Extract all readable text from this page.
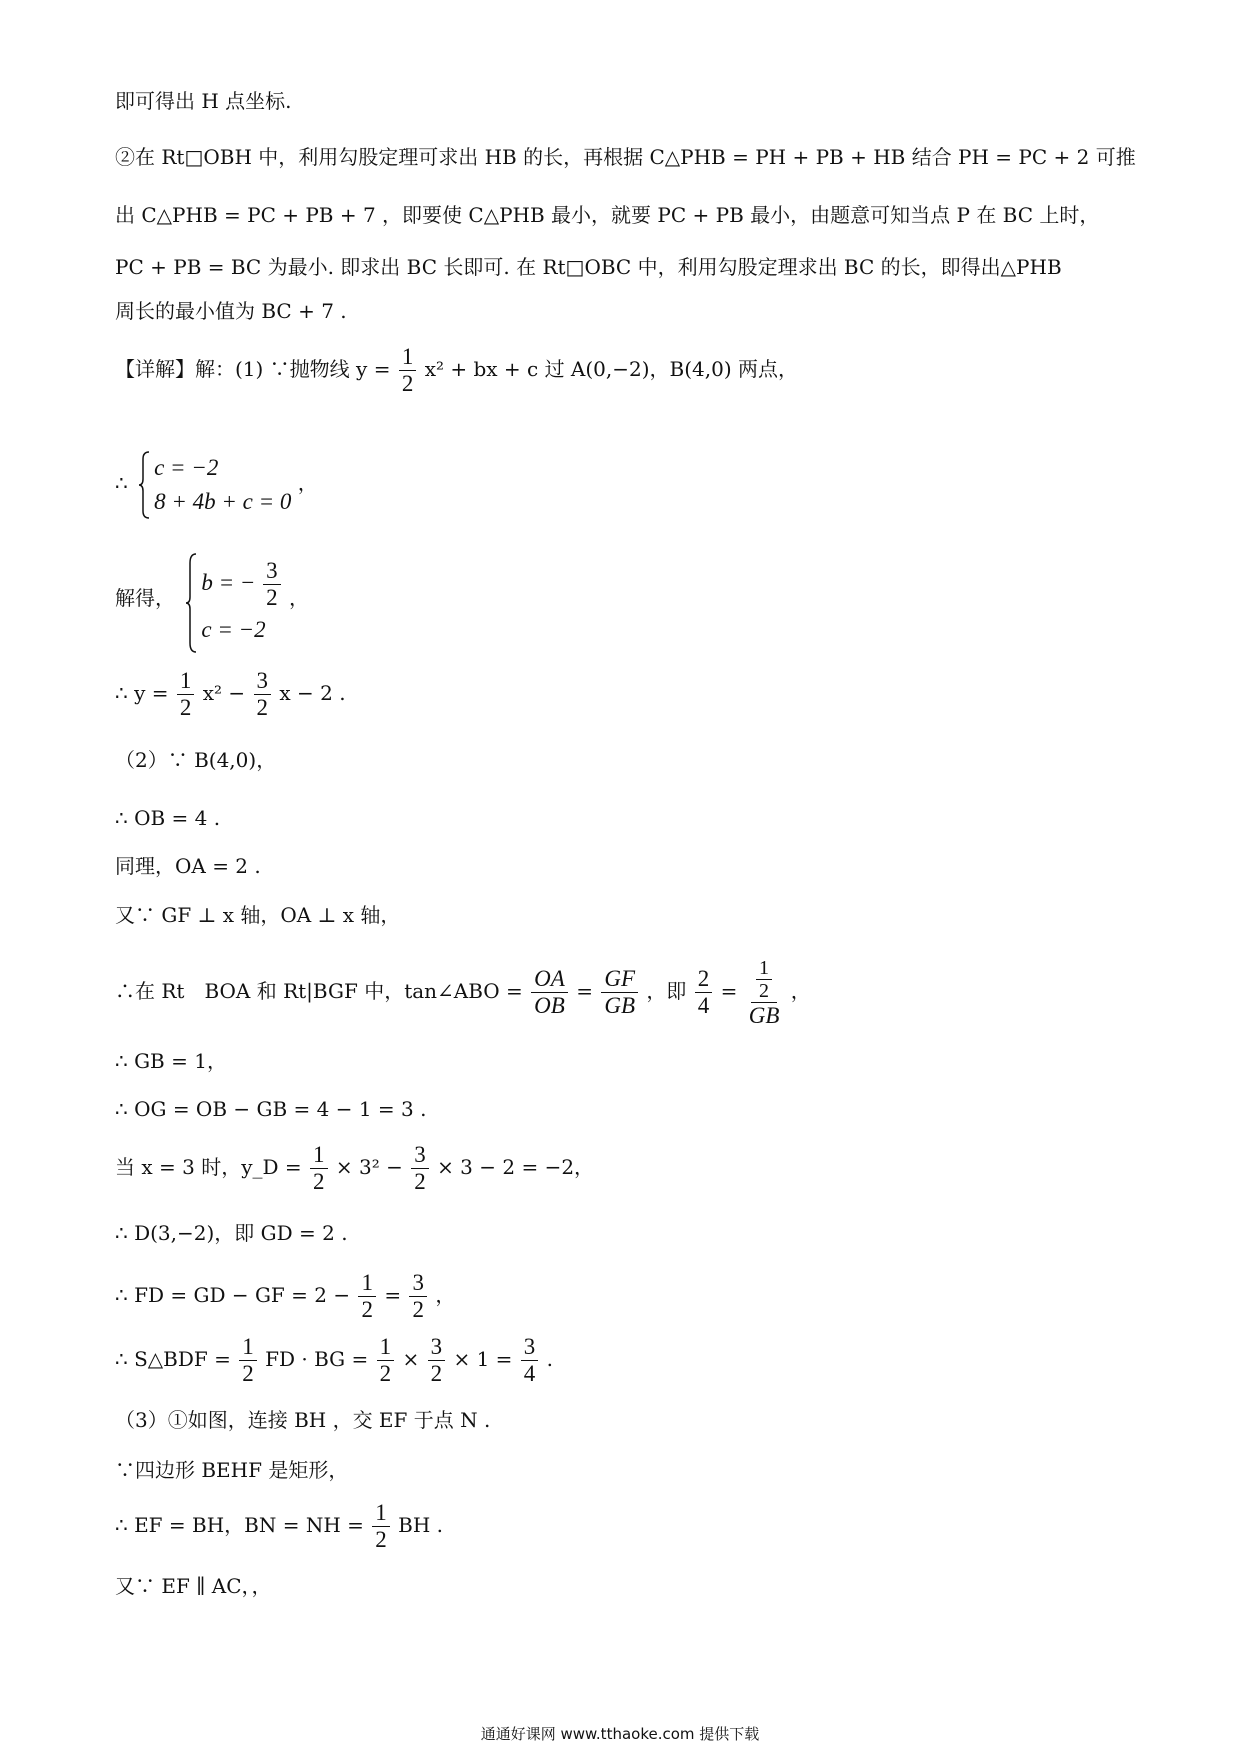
即可得出 H 点坐标.
②在 Rt□OBH 中，利用勾股定理可求出 HB 的长，再根据 C△PHB = PH + PB + HB 结合 PH = PC + 2 可推
出 C△PHB = PC + PB + 7 ，即要使 C△PHB 最小，就要 PC + PB 最小，由题意可知当点 P 在 BC 上时，
PC + PB = BC 为最小. 即求出 BC 长即可. 在 Rt□OBC 中，利用勾股定理求出 BC 的长，即得出△PHB
周长的最小值为 BC + 7 .
【详解】解：(1) ∵抛物线 $y = \frac{1}{2} x^2$ + bx + c 过 A(0,−2)，B(4,0) 两点，
∴
c = −2
8 + 4b + c = 0
，
解得，
b = − $\frac{3}{2}$
c = −2
，
∴ $y = \frac{1}{2} x^2 - \frac{3}{2}$ x − 2 .
（2）∵ B(4,0)，
∴ OB = 4 .
同理，OA = 2 .
又∵ GF ⊥ x 轴，OA ⊥ x 轴，
∴在 Rt　BOA 和 Rt|BGF 中，tan∠ABO = $\frac{OA}{OB} = \frac{GF}{GB}$ ，即 $\frac{2}{4} = \frac{\frac{1}{2}}{GB}$ ，
∴ GB = 1，
∴ OG = OB − GB = 4 − 1 = 3 .
当 x = 3 时，y_D = $\frac{1}{2} \times 3^2 - \frac{3}{2} \times 3 - 2 = -2$，
∴ D(3,−2)，即 GD = 2 .
∴ FD = GD − GF = $2 - \frac{1}{2} = \frac{3}{2}$ ，
∴ S△BDF = $\frac{1}{2}$ FD · BG = $\frac{1}{2} \times \frac{3}{2} \times 1 = \frac{3}{4}$ .
（3）①如图，连接 BH ，交 EF 于点 N .
∵四边形 BEHF 是矩形，
∴ EF = BH，BN = NH = $\frac{1}{2}$ BH .
又∵ EF ∥ AC，，
通通好课网 www.tthaoke.com 提供下载
